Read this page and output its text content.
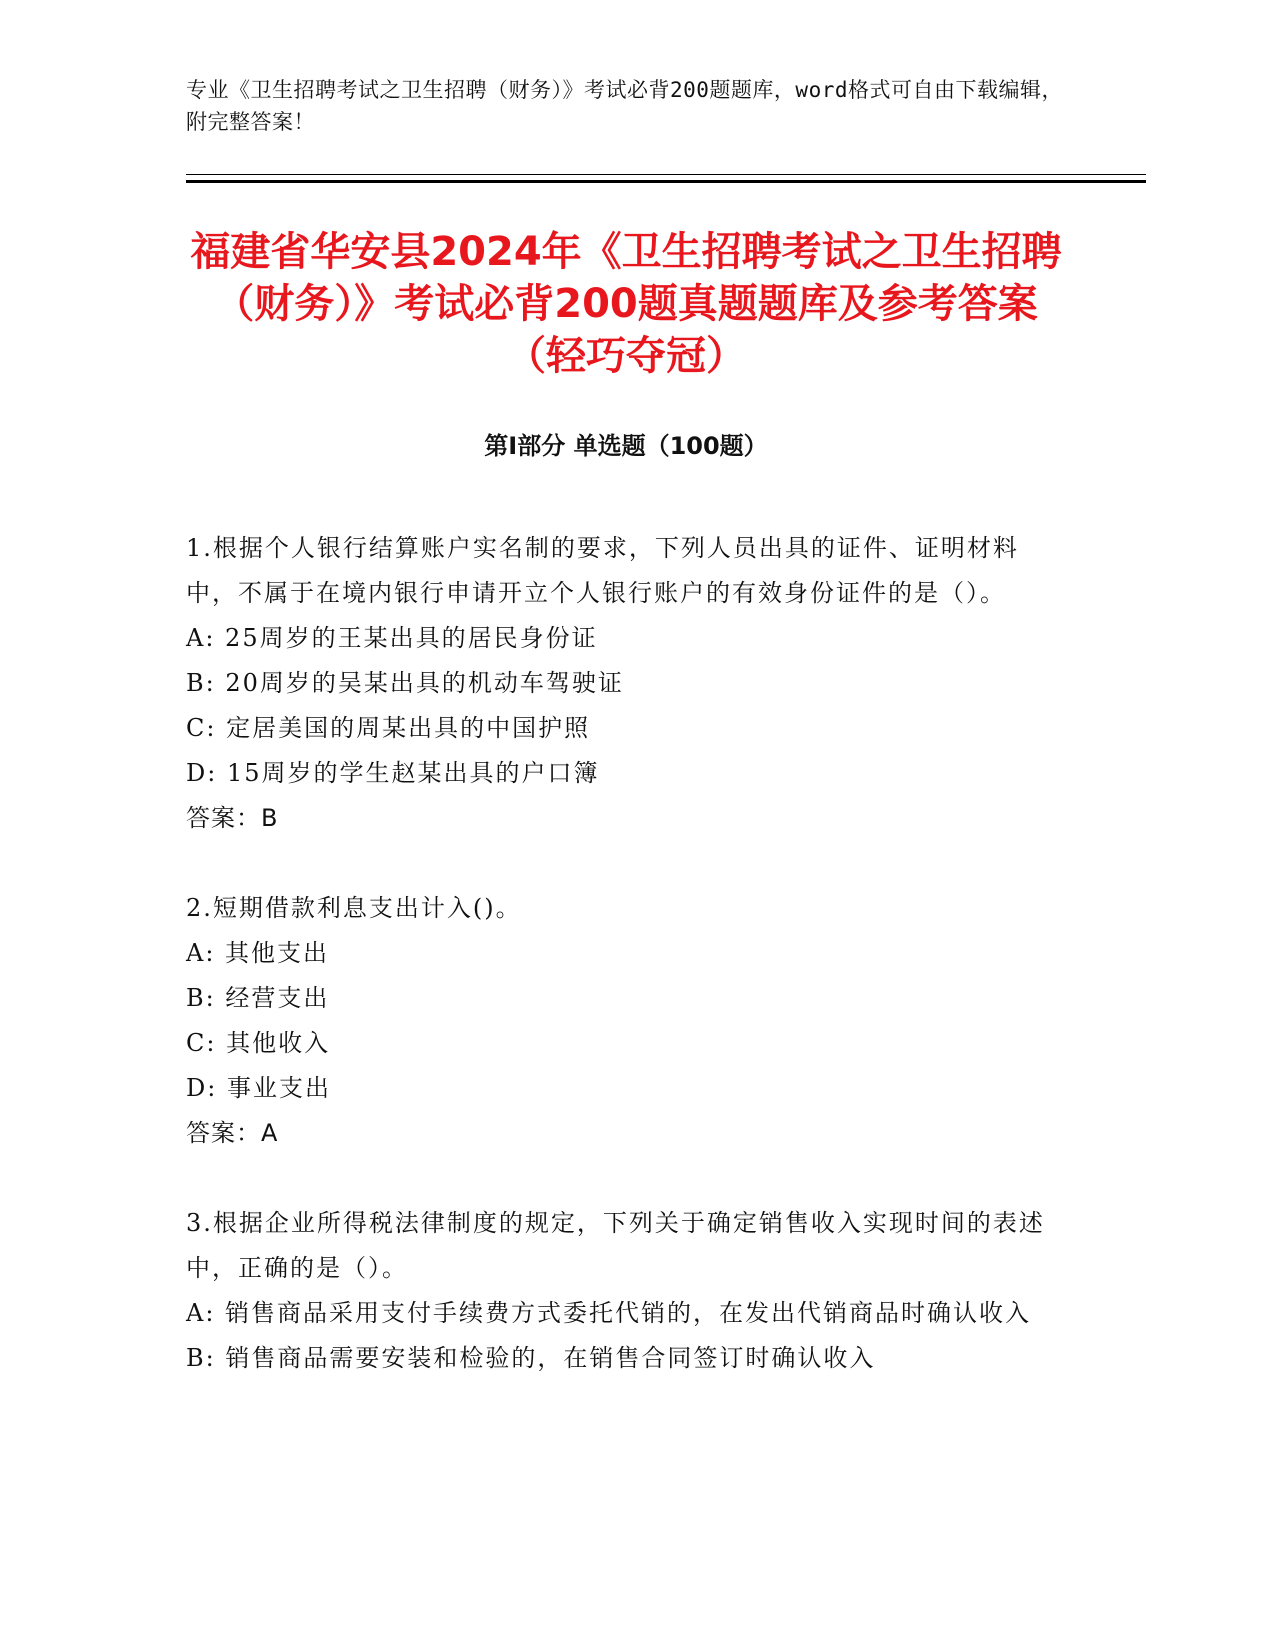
专业《卫生招聘考试之卫生招聘（财务）》考试必背200题题库，word格式可自由下载编辑，附完整答案！
福建省华安县2024年《卫生招聘考试之卫生招聘（财务）》考试必背200题真题题库及参考答案（轻巧夺冠）
第Ⅰ部分 单选题（100题）

1.根据个人银行结算账户实名制的要求，下列人员出具的证件、证明材料中，不属于在境内银行申请开立个人银行账户的有效身份证件的是（）。

A: 25周岁的王某出具的居民身份证

B: 20周岁的吴某出具的机动车驾驶证

C: 定居美国的周某出具的中国护照

D: 15周岁的学生赵某出具的户口簿

答案：B

2.短期借款利息支出计入()。

A: 其他支出

B: 经营支出

C: 其他收入

D: 事业支出

答案：A

3.根据企业所得税法律制度的规定，下列关于确定销售收入实现时间的表述中，正确的是（）。

A: 销售商品采用支付手续费方式委托代销的，在发出代销商品时确认收入

B: 销售商品需要安装和检验的，在销售合同签订时确认收入
